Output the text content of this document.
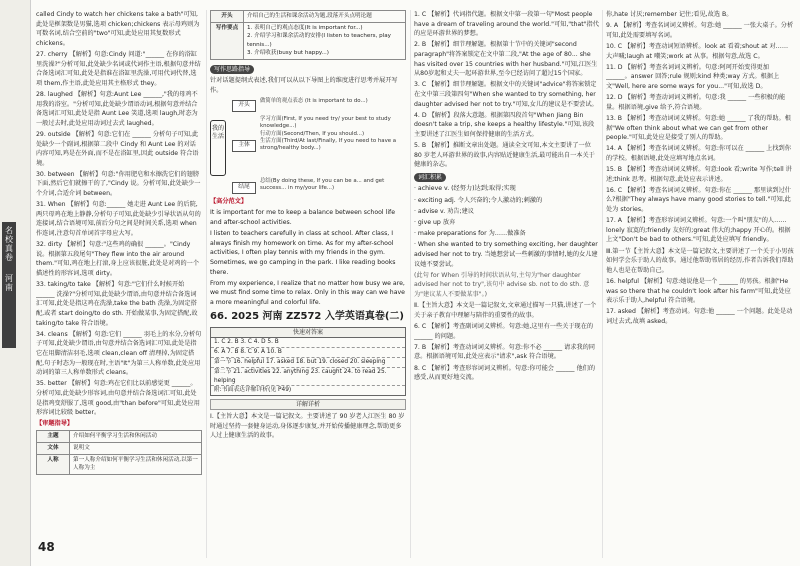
名校真卷
河南

called Cindy to watch her chickens take a bath"可知,此处是框架数是男猫,选项 chicken;chickens 表示母鸡则为可数名词,结合空前的"two"可知,此处应用其复数形式 chickens。

27. cherry 【解析】句意:Cindy 问道:"______ 在你的浴缸里洗澡?"分析可知,此处缺少名词或代词作主语,根据句意并结合备选词汇可知,此处是指谁在浴缸里洗澡,可用代词代替,选项 them,作主语,此处应用其主格形式 they。

28. laughed 【解析】句意:Aunt Lee ______,"我的母鸡不用我的浴室。"分析可知,此处缺少谓语动词,根据句意并结合备选词汇可知,此处是指 Aunt Lee 笑道,选项 laugh,时态为一般过去时,此处应用动词过去式 laughed。

29. outside 【解析】句意:它们在 ______ 分析句子可知,此处缺少一个副词,根据第二段中 Cindy 和 Aunt Lee 的对话内容可知,鸡是在外面,而不是在浴缸里,因此 outside 符合语境。

30. between 【解析】句意:"你用肥皂和水擦洗它们的翅膀下面,然后它们就擦干的了,"Cindy 说。分析可知,此处缺少一个介词,合适介词 between。

31. When 【解析】句意:______ 她走进 Aunt Lee 的后院,两只母鸡在地上静静,分析句子可知,此处缺少引导状语从句的连接词,结合语境可知,前后分句之间是时间关系,选项 when 作连词,注意句首单词首字母应大写。

32. dirty 【解析】句意:"这些鸡的确很 ______。"Cindy 说。根据第五段尾句"They flew into the air around them."可知,鸡在地上打滚,身上应该很脏,此处是对鸡的一个描述性的形容词,选项 dirty。

33. taking/to take 【解析】句意:"它们什么时候开始 ______ 洗澡?"分析可知,此处缺少谓语,由句意并结合备选词汇可知,此处是指这鸡在洗澡,take the bath 洗澡,为固定搭配,或者 start doing/to do sth. 开始做某事,为固定搭配,故 taking/to take 符合语境。

34. cleans 【解析】句意:它们 ______ 羽毛上的水分,分析句子可知,此处缺少谓语,由句意并结合备选词汇可知,此处是指它在用脚清洁羽毛,选项 clean,clean off 清理掉,为固定搭配,句子时态为一般现在时,主语"It"为第三人称单数,此处应用动词的第三人称单数形式 cleans。

35. better 【解析】句意:鸡在它们比以前感觉更 ______。分析可知,此处缺少形容词,由句意并结合备选词汇可知,此处是指鸡变舒服了,选项 good,由"than before"可知,此处应用形容词比较级 better。

【审题指导】

主题	介绍如何平衡学习生活和休闲活动
文体	说明文
人称	第一人称介绍如何平衡学习生活和休闲活动,以第一人称为主
48
开头	介绍自己的生活和课余活动为题,段落开头点明论题
写作要点	1. 表明自己的观点态度(It is important for...)
2. 介绍学习和课余活动的安排(I listen to teachers, play tennis...)
3. 介绍收获(busy but happy...)
写作思路指导

针对话题提纲式表述,我们可以从以下导图上的维度进行思考并展开写作。

我的生活
开头
主体
结尾
做简单的观点表态 (It is important to do...)
学习方面(First, If you need try/ your best to study knowledge...)
行动方面(Second/Then, If you should...)
生活方面(Third/At last/Finally, If you need to have a strong/healthy body...)
总结(By doing these, If you can be a... and get success... in my/your life...)

【高分范文】

It is important for me to keep a balance between school life and after-school activities.

I listen to teachers carefully in class at school. After class, I always finish my homework on time. As for my after-school activities, I often play tennis with my friends in the gym. Sometimes, we go camping in the park. I like reading books there.

From my experience, I realize that no matter how busy we are, we must find some time to relax. Only in this way can we have a more meaningful and colorful life.

66. 2025 河南 ZZ572 入学英语真卷(二)
快速对答案
1. C 2. B 3. C 4. D 5. B
6. A 7. B 8. C 9. A 10. B
第一节 16. helpful 17. asked 18. but 19. closed 20. sleeping
第二节 21. activities 22. anything 23. caught 24. to read 25. helping
附:书面表达详解详析(见 P49)
详解详析

Ⅰ.【主旨大意】本文是一篇记叙文。主要讲述了 90 岁老人江医生 80 岁时通过坚持一套健身运动,身体逐步康复,并开始传播健康理念,帮助更多人过上健康生活的故事。

1. C 【解析】代词指代题。根据文中第一段第一句"Most people have a dream of traveling around the world."可知,"that"指代的应是环游世界的梦想。

2. B 【解析】细节理解题。根据第十节中的关键词"second paragraph"将答案锁定在文中第二段,"At the age of 80... she has visited over 15 countries with her husband."可知,江医生从80岁起和丈夫一起环游世界,至今已经访问了超过15个国家。

3. C 【解析】细节理解题。根据文中的关键词"advice"将答案锁定在文中第三段第四句"When she wanted to try something, her daughter advised her not to try."可知,女儿的建议是不要尝试。

4. D 【解析】段落大意题。根据第四段首句"When Jiang Bin doesn't take a trip, she keeps a healthy lifestyle."可知,该段主要讲述了江医生如何保持健康的生活方式。

5. B 【解析】推断文章出处题。通读全文可知,本文主要讲了一位 80 岁老人环游世界的故事,内容贴近健康生活,最可能出自一本关于健康的杂志。

词汇积累

· achieve v. (经努力)达到;取得;实现

· exciting adj. 令人兴奋的;令人激动的;刺激的

· advise v. 劝告;建议

· give up 放弃

· make preparations for 为……做准备

· When she wanted to try something exciting, her daughter advised her not to try. 当她想尝试一些刺激的事情时,她的女儿建议她不要尝试。

(此句 for When 引导的时间状语从句,主句为"her daughter advised her not to try",该句中 advise sb. not to do sth. 意为"建议某人不要做某事"。)

Ⅱ.【主旨大意】本文是一篇记叙文,文章通过描写一只猫,讲述了一个关于亲子教育中理解与陪伴的重要性的故事。

6. C 【解析】考查副词词义辨析。句意:她,这里有一些关于现在的 ______ 的问题。

7. B 【解析】考查动词词义辨析。句意:你不必 ______ 请求我的同意。根据语境可知,此处应表示"请求",ask 符合语境。

8. C 【解析】考查形容词词义辨析。句意:你可能会 ______ 他们的感受,从而更好地交流。

你,hate 讨厌;remember 记住;看见,故选 B。

9. A 【解析】考查名词词义辨析。句意:她 ______ 一张大桌子。分析可知,此处需要填写名词。

10. C 【解析】考查动词短语辨析。look at 看着;shout at 对……大声喊;laugh at 嘲笑;work at 从事。根据句意,故选 C。

11. D 【解析】考查名词词义辨析。句意:阿珂开始变得更加 ______。answer 回答;rule 规则;kind 种类;way 方式。根据上文"Well, here are some ways for you..."可知,故选 D。

12. D 【解析】考查动词词义辨析。句意:我 ______ 一些积极的能量。根据语境,give 给予,符合语境。

13. B 【解析】考查动词词义辨析。句意:她 ______ 了我的帮助。根据"We often think about what we can get from other people."可知,此处应是接受了别人的帮助。

14. A 【解析】考查名词词义辨析。句意:你可以在 ______ 上找到你的学校。根据语境,此处应填写地点名词。

15. B 【解析】考查动词词义辨析。句意:look 看;write 写作;tell 讲述;think 思考。根据句意,此处应表示讲述。

16. C 【解析】考查名词词义辨析。句意:你在 ______ 那里读到过什么?根据"They always have many good stories to tell."可知,此处为 stories。

17. A 【解析】考查形容词词义辨析。句意:一个叫"朋友"的人……lonely 寂寞的;friendly 友好的;great 伟大的;happy 开心的。根据上文"Don't be bad to others."可知,此处应填写 friendly。

Ⅲ.第一节【主旨大意】本文是一篇记叙文,主要讲述了一个关于小男孩如何学会乐于助人的故事。通过他帮助邻居的经历,作者告诉我们帮助他人也是在帮助自己。

16. helpful 【解析】句意:她说他是一个 ______ 的男孩。根据"He was so there that he couldn't look after his farm"可知,此处应表示乐于助人,helpful 符合语境。

17. asked 【解析】考查动词。句意:他 ______ 一个问题。此处是动词过去式,故填 asked。
